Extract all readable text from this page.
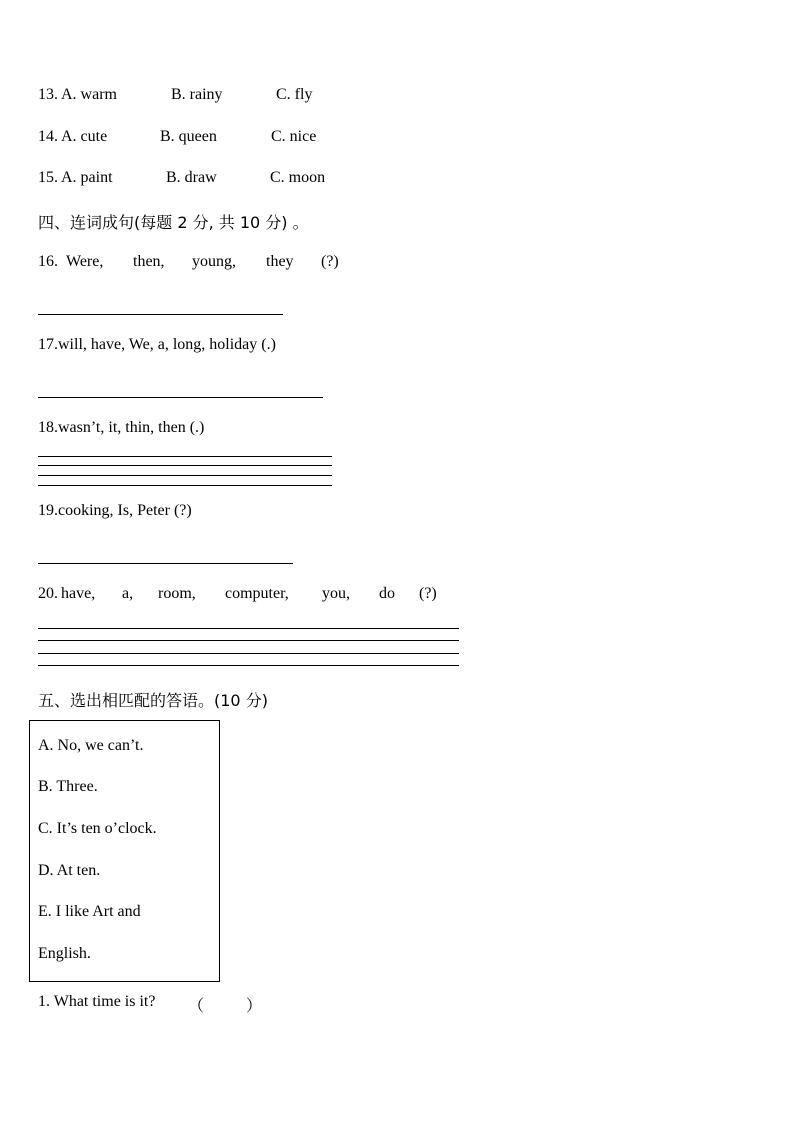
13. A. warm	B. rainy	C. fly
14. A. cute	B. queen	C. nice
15. A. paint	B. draw	C. moon
四、连词成句(每题 2 分, 共 10 分) 。
16. Were, then, young, they (?)
17.will, have, We, a, long, holiday (.)
18.wasn’t, it, thin, then (.)
19.cooking, Is, Peter (?)
20. have, a, room, computer, you, do (?)
五、选出相匹配的答语。(10 分)
A. No, we can’t.
B. Three.
C. It’s ten o’clock.
D. At ten.
E. I like Art and
English.
1. What time is it? （	）
